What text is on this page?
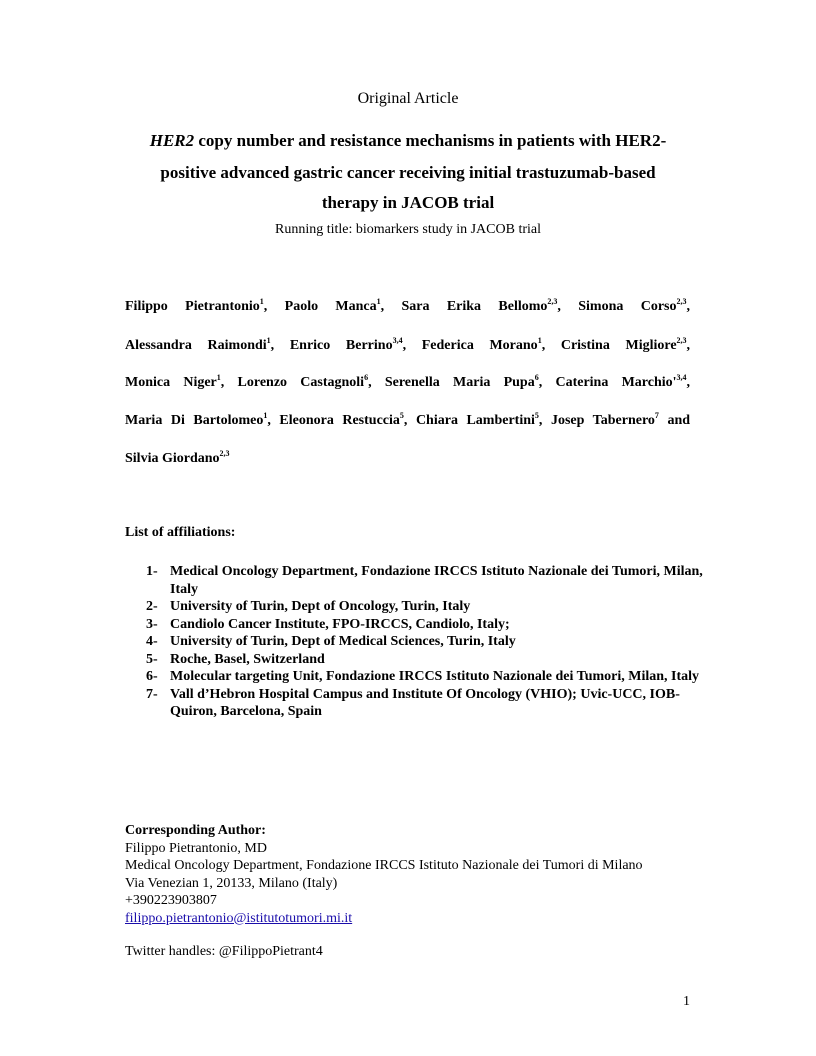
Original Article
HER2 copy number and resistance mechanisms in patients with HER2-
positive advanced gastric cancer receiving initial trastuzumab-based
therapy in JACOB trial
Running title: biomarkers study in JACOB trial
Filippo Pietrantonio$^1$, Paolo Manca$^1$, Sara Erika Bellomo$^{2,3}$, Simona Corso$^{2,3}$,
Alessandra Raimondi$^1$, Enrico Berrino$^{3,4}$, Federica Morano$^1$, Cristina Migliore$^{2,3}$,
Monica Niger$^1$, Lorenzo Castagnoli$^6$, Serenella Maria Pupa$^6$, Caterina $Marchio'^{3,4}$,
Maria Di Bartolomeo$^1$, Eleonora Restuccia$^5$, Chiara Lambertini$^5$, Josep Tabernero$^7$ and
Silvia Giordano$^{2,3}$
List of affiliations:
1- Medical Oncology Department, Fondazione IRCCS Istituto Nazionale dei Tumori, Milan, Italy
2- University of Turin, Dept of Oncology, Turin, Italy
3- Candiolo Cancer Institute, FPO-IRCCS, Candiolo, Italy;
4- University of Turin, Dept of Medical Sciences, Turin, Italy
5- Roche, Basel, Switzerland
6- Molecular targeting Unit, Fondazione IRCCS Istituto Nazionale dei Tumori, Milan, Italy
7- Vall d’Hebron Hospital Campus and Institute Of Oncology (VHIO); Uvic-UCC, IOB-Quiron, Barcelona, Spain
Corresponding Author:
Filippo Pietrantonio, MD
Medical Oncology Department, Fondazione IRCCS Istituto Nazionale dei Tumori di Milano
Via Venezian 1, 20133, Milano (Italy)
+390223903807
filippo.pietrantonio@istitutotumori.mi.it
Twitter handles: @FilippoPietrant4
1
